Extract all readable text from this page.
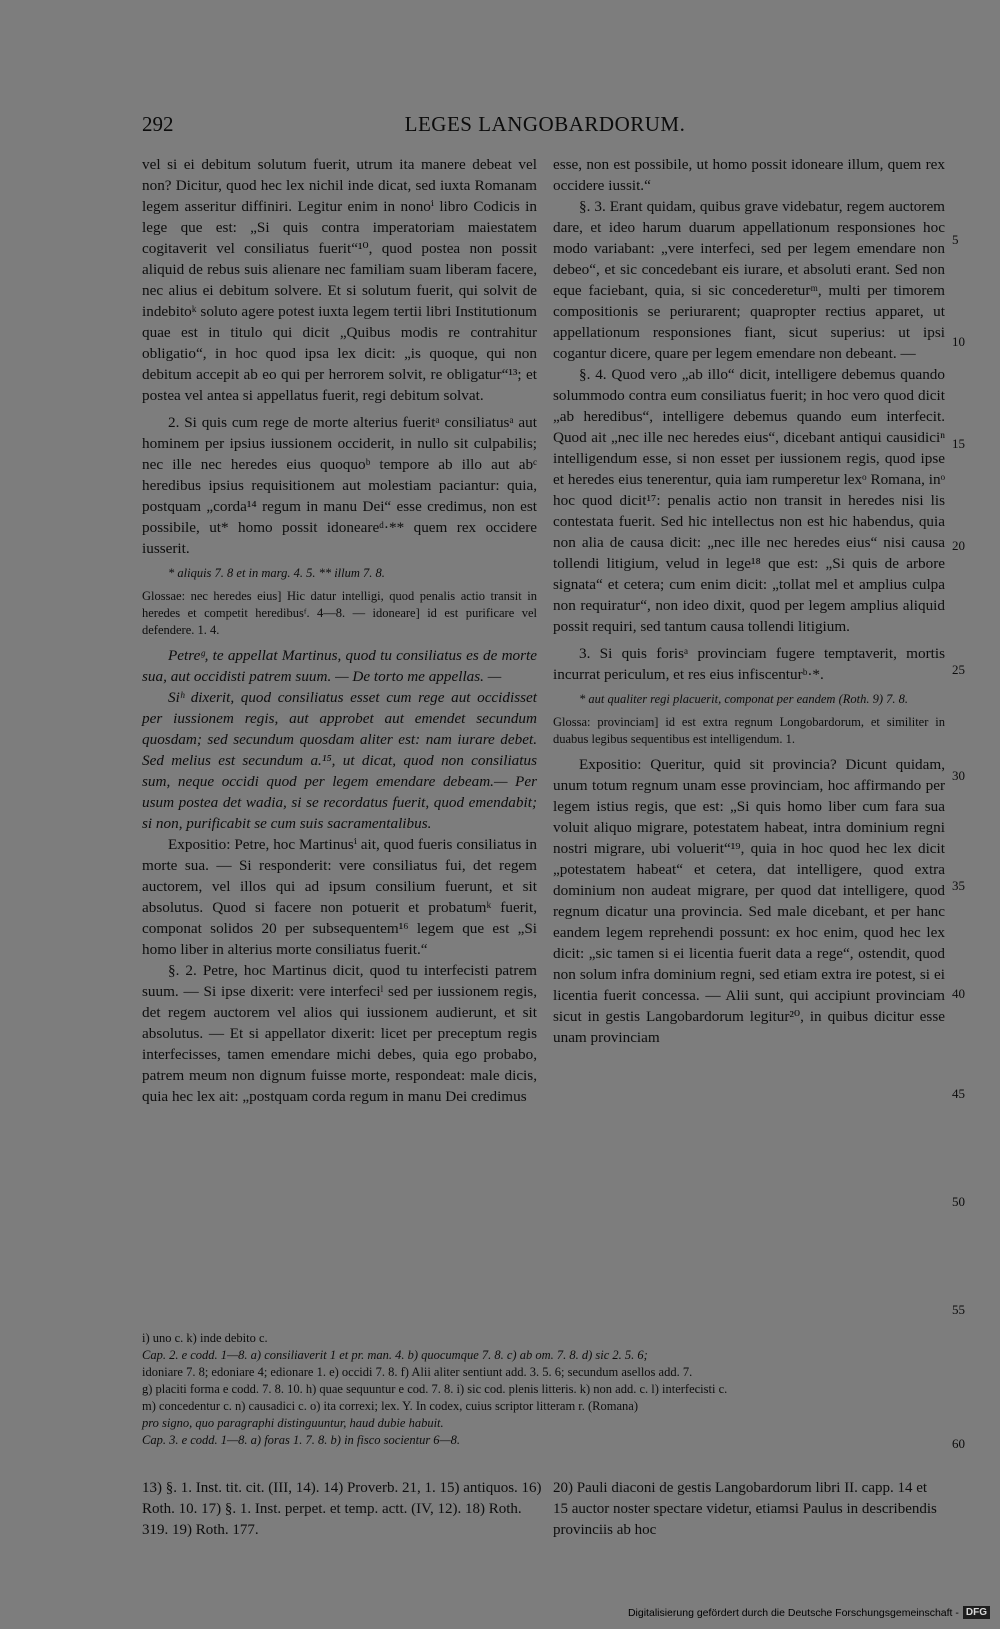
292	LEGES LANGOBARDORUM.

vel si ei debitum solutum fuerit, utrum ita manere debeat vel non? Dicitur, quod hec lex nichil inde dicat, sed iuxta Romanam legem asseritur diffiniri. Legitur enim in nonoⁱ libro Codicis in lege que est: „Si quis contra imperatoriam maiestatem cogitaverit vel consiliatus fuerit“¹⁰, quod postea non possit aliquid de rebus suis alienare nec familiam suam liberam facere, nec alius ei debitum solvere. Et si solutum fuerit, qui solvit de indebitoᵏ soluto agere potest iuxta legem tertii libri Institutionum quae est in titulo qui dicit „Quibus modis re contrahitur obligatio“, in hoc quod ipsa lex dicit: „is quoque, qui non debitum accepit ab eo qui per herrorem solvit, re obligatur“¹³; et postea vel antea si appellatus fuerit, regi debitum solvat.

2. Si quis cum rege de morte alterius fueritᵃ consiliatusᵃ aut hominem per ipsius iussionem occiderit, in nullo sit culpabilis; nec ille nec heredes eius quoquoᵇ tempore ab illo aut abᶜ heredibus ipsius requisitionem aut molestiam paciantur: quia, postquam „corda¹⁴ regum in manu Dei“ esse credimus, non est possibile, ut* homo possit idoneareᵈ·** quem rex occidere iusserit.

* aliquis 7. 8 et in marg. 4. 5. ** illum 7. 8.

Glossae: nec heredes eius] Hic datur intelligi, quod penalis actio transit in heredes et competit heredibusᶠ. 4—8. — idoneare] id est purificare vel defendere. 1. 4.

Petreᵍ, te appellat Martinus, quod tu consiliatus es de morte sua, aut occidisti patrem suum. — De torto me appellas. —

Siʰ dixerit, quod consiliatus esset cum rege aut occidisset per iussionem regis, aut approbet aut emendet secundum quosdam; sed secundum quosdam aliter est: nam iurare debet. Sed melius est secundum a.¹⁵, ut dicat, quod non consiliatus sum, neque occidi quod per legem emendare debeam.— Per usum postea det wadia, si se recordatus fuerit, quod emendabit; si non, purificabit se cum suis sacramentalibus.

Expositio: Petre, hoc Martinusⁱ ait, quod fueris consiliatus in morte sua. — Si responderit: vere consiliatus fui, det regem auctorem, vel illos qui ad ipsum consilium fuerunt, et sit absolutus. Quod si facere non potuerit et probatumᵏ fuerit, componat solidos 20 per subsequentem¹⁶ legem que est „Si homo liber in alterius morte consiliatus fuerit.“

§. 2. Petre, hoc Martinus dicit, quod tu interfecisti patrem suum. — Si ipse dixerit: vere interfeciˡ sed per iussionem regis, det regem auctorem vel alios qui iussionem audierunt, et sit absolutus. — Et si appellator dixerit: licet per preceptum regis interfecisses, tamen emendare michi debes, quia ego probabo, patrem meum non dignum fuisse morte, respondeat: male dicis, quia hec lex ait: „postquam corda regum in manu Dei credimus

esse, non est possibile, ut homo possit idoneare illum, quem rex occidere iussit.“

§. 3. Erant quidam, quibus grave videbatur, regem auctorem dare, et ideo harum duarum appellationum responsiones hoc modo variabant: „vere interfeci, sed per legem emendare non debeo“, et sic concedebant eis iurare, et absoluti erant. Sed non eque faciebant, quia, si sic concedereturᵐ, multi per timorem compositionis se periurarent; quapropter rectius apparet, ut appellationum responsiones fiant, sicut superius: ut ipsi cogantur dicere, quare per legem emendare non debeant. —

§. 4. Quod vero „ab illo“ dicit, intelligere debemus quando solummodo contra eum consiliatus fuerit; in hoc vero quod dicit „ab heredibus“, intelligere debemus quando eum interfecit. Quod ait „nec ille nec heredes eius“, dicebant antiqui causidiciⁿ intelligendum esse, si non esset per iussionem regis, quod ipse et heredes eius tenerentur, quia iam rumperetur lexᵒ Romana, inᵒ hoc quod dicit¹⁷: penalis actio non transit in heredes nisi lis contestata fuerit. Sed hic intellectus non est hic habendus, quia non alia de causa dicit: „nec ille nec heredes eius“ nisi causa tollendi litigium, velud in lege¹⁸ que est: „Si quis de arbore signata“ et cetera; cum enim dicit: „tollat mel et amplius culpa non requiratur“, non ideo dixit, quod per legem amplius aliquid possit requiri, sed tantum causa tollendi litigium.

3. Si quis forisᵃ provinciam fugere temptaverit, mortis incurrat periculum, et res eius infiscenturᵇ·*.

* aut qualiter regi placuerit, componat per eandem (Roth. 9) 7. 8.

Glossa: provinciam] id est extra regnum Longobardorum, et similiter in duabus legibus sequentibus est intelligendum. 1.

Expositio: Queritur, quid sit provincia? Dicunt quidam, unum totum regnum unam esse provinciam, hoc affirmando per legem istius regis, que est: „Si quis homo liber cum fara sua voluit aliquo migrare, potestatem habeat, intra dominium regni nostri migrare, ubi voluerit“¹⁹, quia in hoc quod hec lex dicit „potestatem habeat“ et cetera, dat intelligere, quod extra dominium non audeat migrare, per quod dat intelligere, quod regnum dicatur una provincia. Sed male dicebant, et per hanc eandem legem reprehendi possunt: ex hoc enim, quod hec lex dicit: „sic tamen si ei licentia fuerit data a rege“, ostendit, quod non solum infra dominium regni, sed etiam extra ire potest, si ei licentia fuerit concessa. — Alii sunt, qui accipiunt provinciam sicut in gestis Langobardorum legitur²⁰, in quibus dicitur esse unam provinciam

5
10
15
20
25
30
35
40
45
50
55
60

i) uno c. k) inde debito c.

Cap. 2. e codd. 1—8. a) consiliaverit 1 et pr. man. 4. b) quocumque 7. 8. c) ab om. 7. 8. d) sic 2. 5. 6;

idoniare 7. 8; edoniare 4; edionare 1. e) occidi 7. 8. f) Alii aliter sentiunt add. 3. 5. 6; secundum asellos add. 7.

g) placiti forma e codd. 7. 8. 10. h) quae sequuntur e cod. 7. 8. i) sic cod. plenis litteris. k) non add. c. l) interfecisti c.

m) concedentur c. n) causadici c. o) ita correxi; lex. Y. In codex, cuius scriptor litteram r. (Romana)

pro signo, quo paragraphi distinguuntur, haud dubie habuit.

Cap. 3. e codd. 1—8. a) foras 1. 7. 8. b) in fisco socientur 6—8.

13) §. 1. Inst. tit. cit. (III, 14). 14) Proverb. 21, 1. 15) antiquos. 16) Roth. 10. 17) §. 1. Inst. perpet. et temp. actt. (IV, 12). 18) Roth. 319. 19) Roth. 177.

20) Pauli diaconi de gestis Langobardorum libri II. capp. 14 et 15 auctor noster spectare videtur, etiamsi Paulus in describendis provinciis ab hoc

Digitalisierung gefördert durch die Deutsche Forschungsgemeinschaft - DFG
